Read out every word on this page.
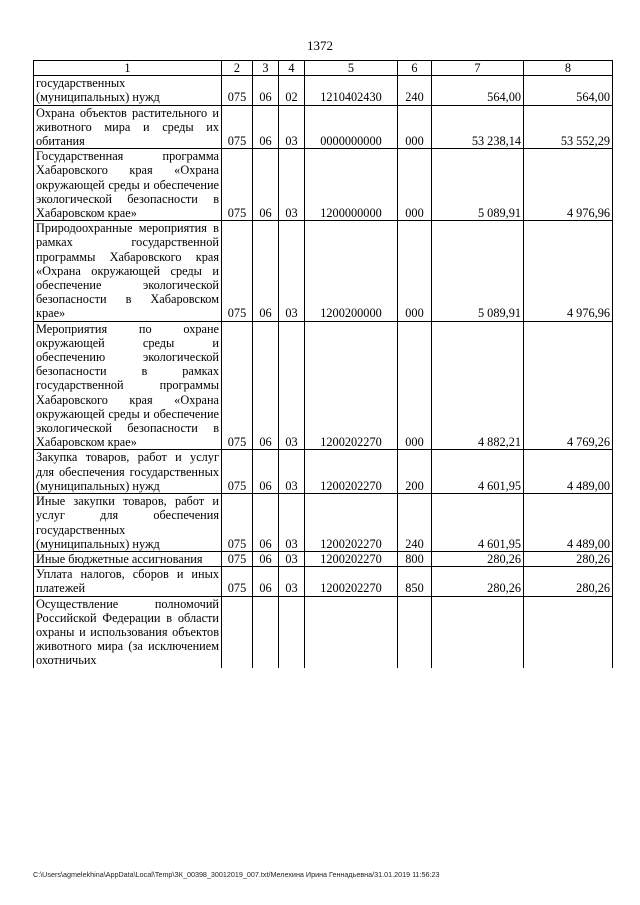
1372
1	2	3	4	5	6	7	8
государственных (муниципальных) нужд	075	06	02	1210402430	240	564,00	564,00
Охрана объектов растительного и животного мира и среды их обитания	075	06	03	0000000000	000	53 238,14	53 552,29
Государственная программа Хабаровского края «Охрана окружающей среды и обеспечение экологической безопасности в Хабаровском крае»	075	06	03	1200000000	000	5 089,91	4 976,96
Природоохранные мероприятия в рамках государственной программы Хабаровского края «Охрана окружающей среды и обеспечение экологической безопасности в Хабаровском крае»	075	06	03	1200200000	000	5 089,91	4 976,96
Мероприятия по охране окружающей среды и обеспечению экологической безопасности в рамках государственной программы Хабаровского края «Охрана окружающей среды и обеспечение экологической безопасности в Хабаровском крае»	075	06	03	1200202270	000	4 882,21	4 769,26
Закупка товаров, работ и услуг для обеспечения государственных (муниципальных) нужд	075	06	03	1200202270	200	4 601,95	4 489,00
Иные закупки товаров, работ и услуг для обеспечения государственных (муниципальных) нужд	075	06	03	1200202270	240	4 601,95	4 489,00
Иные бюджетные ассигнования	075	06	03	1200202270	800	280,26	280,26
Уплата налогов, сборов и иных платежей	075	06	03	1200202270	850	280,26	280,26
Осуществление полномочий Российской Федерации в области охраны и использования объектов животного мира (за исключением охотничьих							
C:\Users\agmelekhina\AppData\Local\Temp\ЗК_00398_30012019_007.txt/Мелехина Ирина Геннадьевна/31.01.2019 11:56:23
